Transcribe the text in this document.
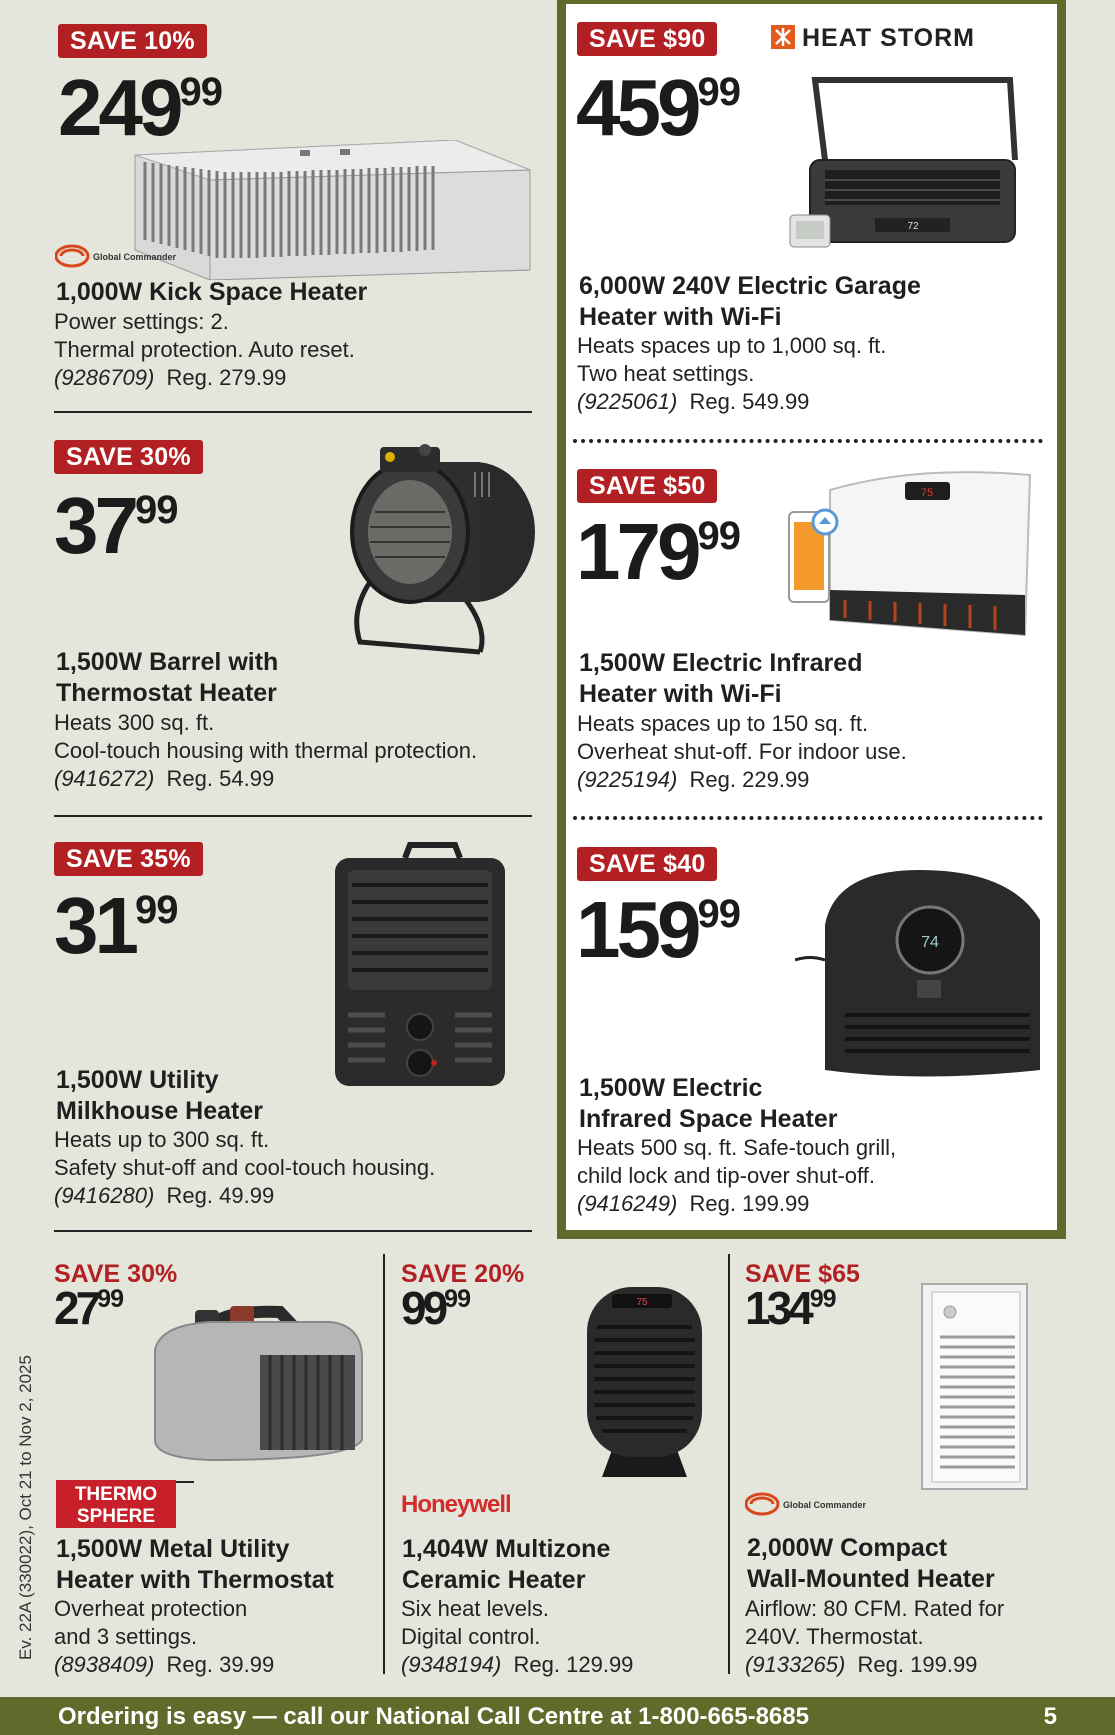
SAVE 10%
24999
Global Commander
1,000W Kick Space Heater
Power settings: 2.
Thermal protection. Auto reset.
(9286709) Reg. 279.99
SAVE 30%
3799
1,500W Barrel with
Thermostat Heater
Heats 300 sq. ft.
Cool-touch housing with thermal protection.
(9416272) Reg. 54.99
SAVE 35%
3199
1,500W Utility
Milkhouse Heater
Heats up to 300 sq. ft.
Safety shut-off and cool-touch housing.
(9416280) Reg. 49.99
SAVE $90	HEAT STORM
45999
72
6,000W 240V Electric Garage
Heater with Wi-Fi
Heats spaces up to 1,000 sq. ft.
Two heat settings.
(9225061) Reg. 549.99
SAVE $50
17999
75
1,500W Electric Infrared
Heater with Wi-Fi
Heats spaces up to 150 sq. ft.
Overheat shut-off. For indoor use.
(9225194) Reg. 229.99
SAVE $40
15999
74
1,500W Electric
Infrared Space Heater
Heats 500 sq. ft. Safe-touch grill,
child lock and tip-over shut-off.
(9416249) Reg. 199.99
Ev. 22A (330022), Oct 21 to Nov 2, 2025
SAVE 30%
2799
THERMO
SPHERE
1,500W Metal Utility
Heater with Thermostat
Overheat protection
and 3 settings.
(8938409) Reg. 39.99
SAVE 20%
9999	75
Honeywell
1,404W Multizone
Ceramic Heater
Six heat levels.
Digital control.
(9348194) Reg. 129.99
SAVE $65
13499
Global Commander
2,000W Compact
Wall-Mounted Heater
Airflow: 80 CFM. Rated for
240V. Thermostat.
(9133265) Reg. 199.99
Ordering is easy — call our National Call Centre at 1-800-665-8685	5
